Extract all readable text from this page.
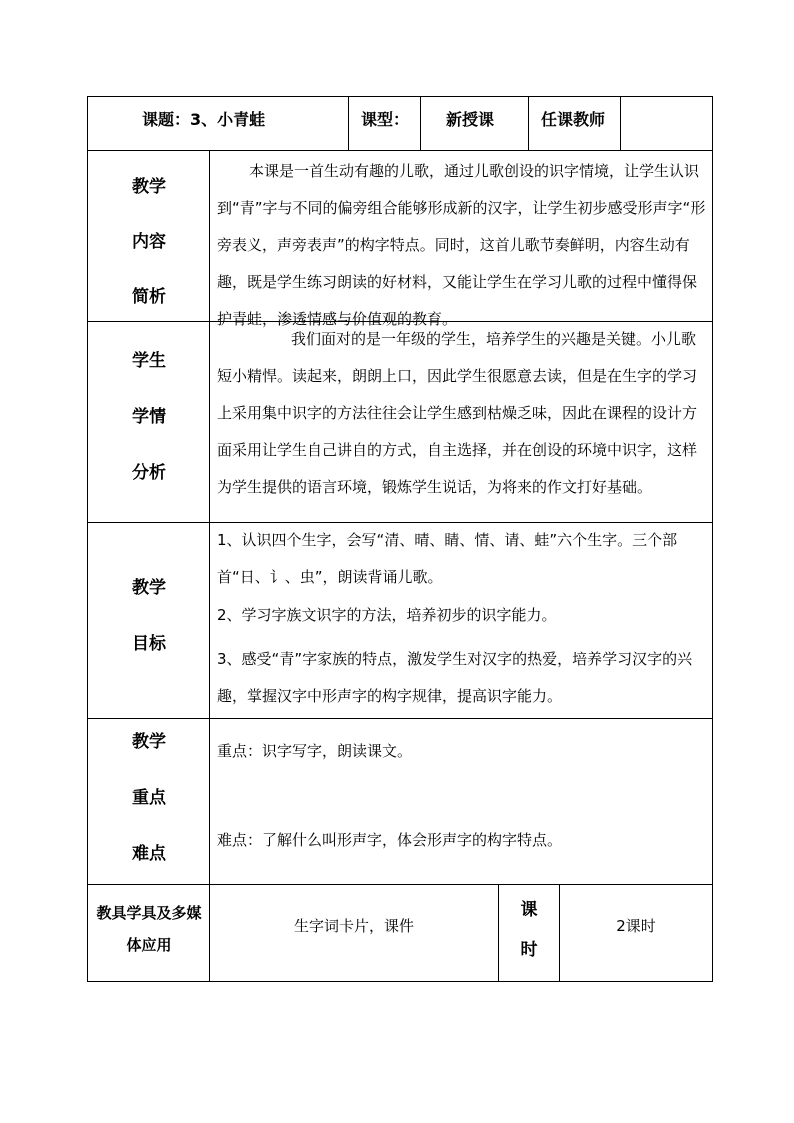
课题：3、小青蛙	课型： 新授课	任课教师
教学
内容
简析

本课是一首生动有趣的儿歌，通过儿歌创设的识字情境，让学生认识到“青”字与不同的偏旁组合能够形成新的汉字，让学生初步感受形声字“形旁表义，声旁表声”的构字特点。同时，这首儿歌节奏鲜明，内容生动有趣，既是学生练习朗读的好材料，又能让学生在学习儿歌的过程中懂得保护青蛙，渗透情感与价值观的教育。

学生
学情
分析

我们面对的是一年级的学生，培养学生的兴趣是关键。小儿歌短小精悍。读起来，朗朗上口，因此学生很愿意去读，但是在生字的学习上采用集中识字的方法往往会让学生感到枯燥乏味，因此在课程的设计方面采用让学生自己讲自的方式，自主选择，并在创设的环境中识字，这样为学生提供的语言环境，锻炼学生说话，为将来的作文打好基础。

教学
目标

1、认识四个生字，会写“清、晴、睛、情、请、蛙”六个生字。三个部首“日、讠、虫”，朗读背诵儿歌。

2、学习字族文识字的方法，培养初步的识字能力。

3、感受“青”字家族的特点，激发学生对汉字的热爱，培养学习汉字的兴趣，掌握汉字中形声字的构字规律，提高识字能力。

教学
重点
难点

重点：识字写字，朗读课文。

难点：了解什么叫形声字，体会形声字的构字特点。

教具学具及多媒体应用
生字词卡片，课件
课时
2课时
